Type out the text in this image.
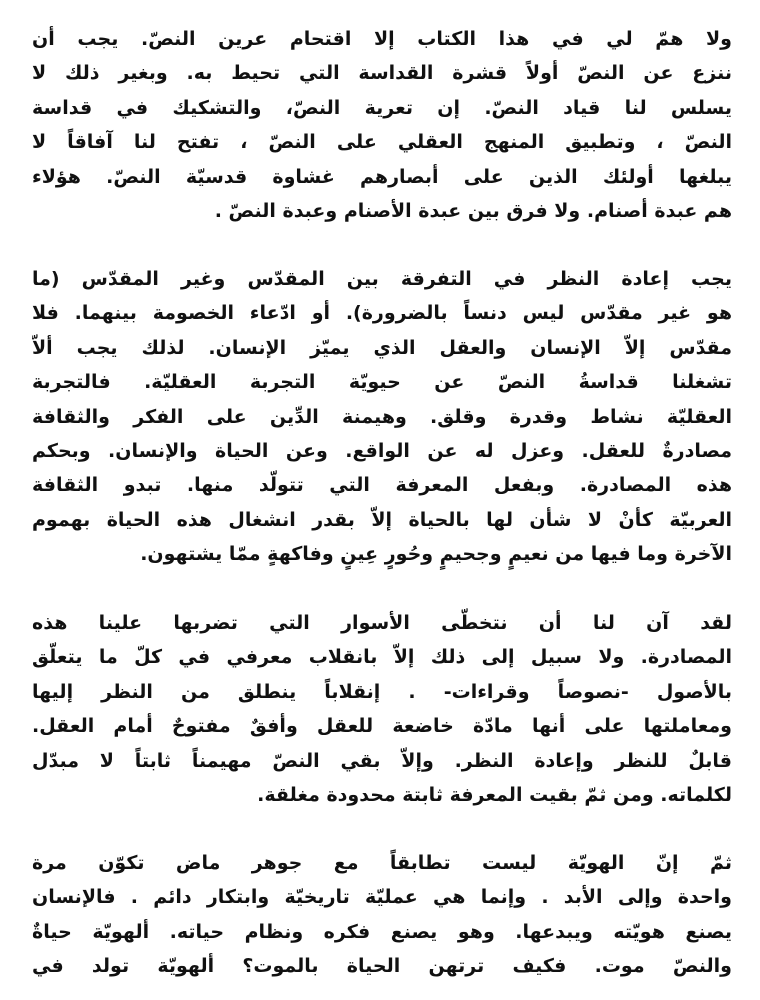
ولا همّ لي في هذا الكتاب إلا اقتحام عرين النصّ. يجب أن
ننزع عن النصّ أولاً قشرة القداسة التي تحيط به. وبغير ذلك لا
يسلس لنا قياد النصّ. إن تعرية النصّ، والتشكيك في قداسة
النصّ ، وتطبيق المنهج العقلي على النصّ ، تفتح لنا آفاقاً لا
يبلغها أولئك الذين على أبصارهم غشاوة قدسيّة النصّ. هؤلاء
هم عبدة أصنام. ولا فرق بين عبدة الأصنام وعبدة النصّ .
يجب إعادة النظر في التفرقة بين المقدّس وغير المقدّس (ما
هو غير مقدّس ليس دنساً بالضرورة). أو ادّعاء الخصومة بينهما. فلا
مقدّس إلاّ الإنسان والعقل الذي يميّز الإنسان. لذلك يجب ألاّ
تشغلنا قداسةُ النصّ عن حيويّة التجربة العقليّة. فالتجربة
العقليّة نشاط وقدرة وقلق. وهيمنة الدِّين على الفكر والثقافة
مصادرةٌ للعقل. وعزل له عن الواقع. وعن الحياة والإنسان. وبحكم
هذه المصادرة. وبفعل المعرفة التي تتولّد منها. تبدو الثقافة
العربيّة كأنْ لا شأن لها بالحياة إلاّ بقدر انشغال هذه الحياة بهموم
الآخرة وما فيها من نعيمٍ وجحيمٍ وحُورٍ عِينٍ وفاكهةٍ ممّا يشتهون.
لقد آن لنا أن نتخطّى الأسوار التي تضربها علينا هذه
المصادرة. ولا سبيل إلى ذلك إلاّ بانقلاب معرفي في كلّ ما يتعلّق
بالأصول -نصوصاً وقراءات- . إنقلاباً ينطلق من النظر إليها
ومعاملتها على أنها مادّة خاضعة للعقل وأفقٌ مفتوحٌ أمام العقل.
قابلٌ للنظر وإعادة النظر. وإلاّ بقي النصّ مهيمناً ثابتاً لا مبدّل
لكلماته. ومن ثمّ بقيت المعرفة ثابتة محدودة مغلقة.
ثمّ إنّ الهويّة ليست تطابقاً مع جوهر ماض تكوّن مرة
واحدة وإلى الأبد . وإنما هي عمليّة تاريخيّة وابتكار دائم . فالإنسان
يصنع هويّته ويبدعها. وهو يصنع فكره ونظام حياته. ألهويّة حياةٌ
والنصّ موت. فكيف ترتهن الحياة بالموت؟ ألهويّة تولد في
